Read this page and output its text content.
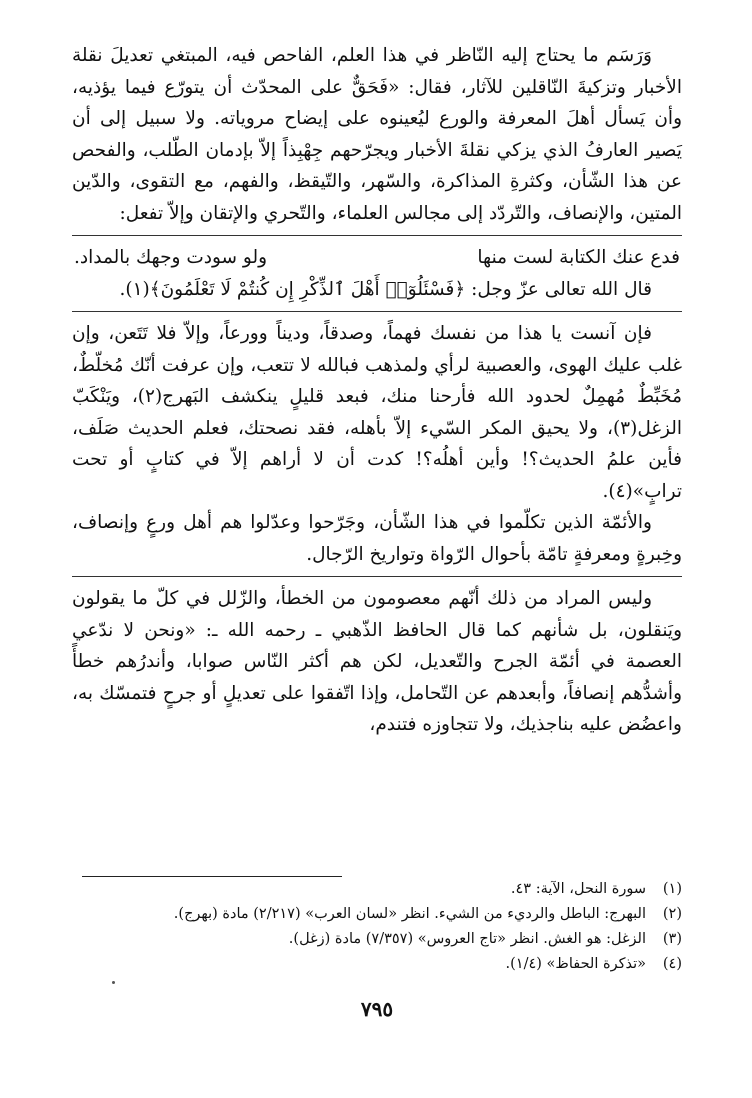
وَرَسَم ما يحتاج إليه النّاظر في هذا العلم، الفاحص فيه، المبتغي تعديلَ نقلة الأخبار وتزكيةَ النّاقلين للآثار، فقال: «فَحَقٌّ على المحدّث أن يتورّع فيما يؤذيه، وأن يَسأل أهلَ المعرفة والورع ليُعينوه على إيضاح مروياته. ولا سبيل إلى أن يَصير العارفُ الذي يزكي نقلةَ الأخبار ويجرّحهم جِهْبِذاً إلاّ بإدمان الطّلب، والفحص عن هذا الشّأن، وكثرةِ المذاكرة، والسّهر، والتّيقظ، والفهم، مع التقوى، والدّين المتين، والإنصاف، والتّردّد إلى مجالس العلماء، والتّحري والإتقان وإلاّ تفعل:

فدع عنك الكتابة لست منها
ولو سودت وجهك بالمداد.

قال الله تعالى عزّ وجل: ﴿فَسْئَلُوٓا۟ أَهْلَ ٱلذِّكْرِ إِن كُنتُمْ لَا تَعْلَمُونَ﴾(١).

فإن آنست يا هذا من نفسك فهماً، وصدقاً، وديناً وورعاً، وإلاّ فلا تَتَعن، وإن غلب عليك الهوى، والعصبية لرأي ولمذهب فبالله لا تتعب، وإن عرفت أنّك مُخلّطٌ، مُخَبِّطٌ مُهمِلٌ لحدود الله فأرحنا منك، فبعد قليلٍ ينكشف البَهرج(٢)، ويَنْكَبّ الزغل(٣)، ولا يحيق المكر السّيء إلاّ بأهله، فقد نصحتك، فعلم الحديث صَلَف، فأين علمُ الحديث؟! وأين أهلُه؟! كدت أن لا أراهم إلاّ في كتابٍ أو تحت ترابٍ»(٤).

والأئمّة الذين تكلّموا في هذا الشّأن، وجَرّحوا وعدّلوا هم أهل ورعٍ وإنصاف، وخِبرةٍ ومعرفةٍ تامّة بأحوال الرّواة وتواريخ الرّجال.

وليس المراد من ذلك أنّهم معصومون من الخطأ، والزّلل في كلّ ما يقولون ويَنقلون، بل شأنهم كما قال الحافظ الذّهبي ـ رحمه الله ـ: «ونحن لا ندّعي العصمة في أئمّة الجرح والتّعديل، لكن هم أكثر النّاس صوابا، وأندرُهم خطأً وأشدُّهم إنصافاً، وأبعدهم عن التّحامل، وإذا اتّفقوا على تعديلٍ أو جرحٍ فتمسّك به، واعضُض عليه بناجذيك، ولا تتجاوزه فتندم،

(١)سورة النحل، الآية: ٤٣.
(٢)البهرج: الباطل والرديء من الشيء. انظر «لسان العرب» (٢/٢١٧) مادة (بهرج).
(٣)الزغل: هو الغش. انظر «تاج العروس» (٧/٣٥٧) مادة (زغل).
(٤)«تذكرة الحفاظ» (١/٤).
٧٩٥
